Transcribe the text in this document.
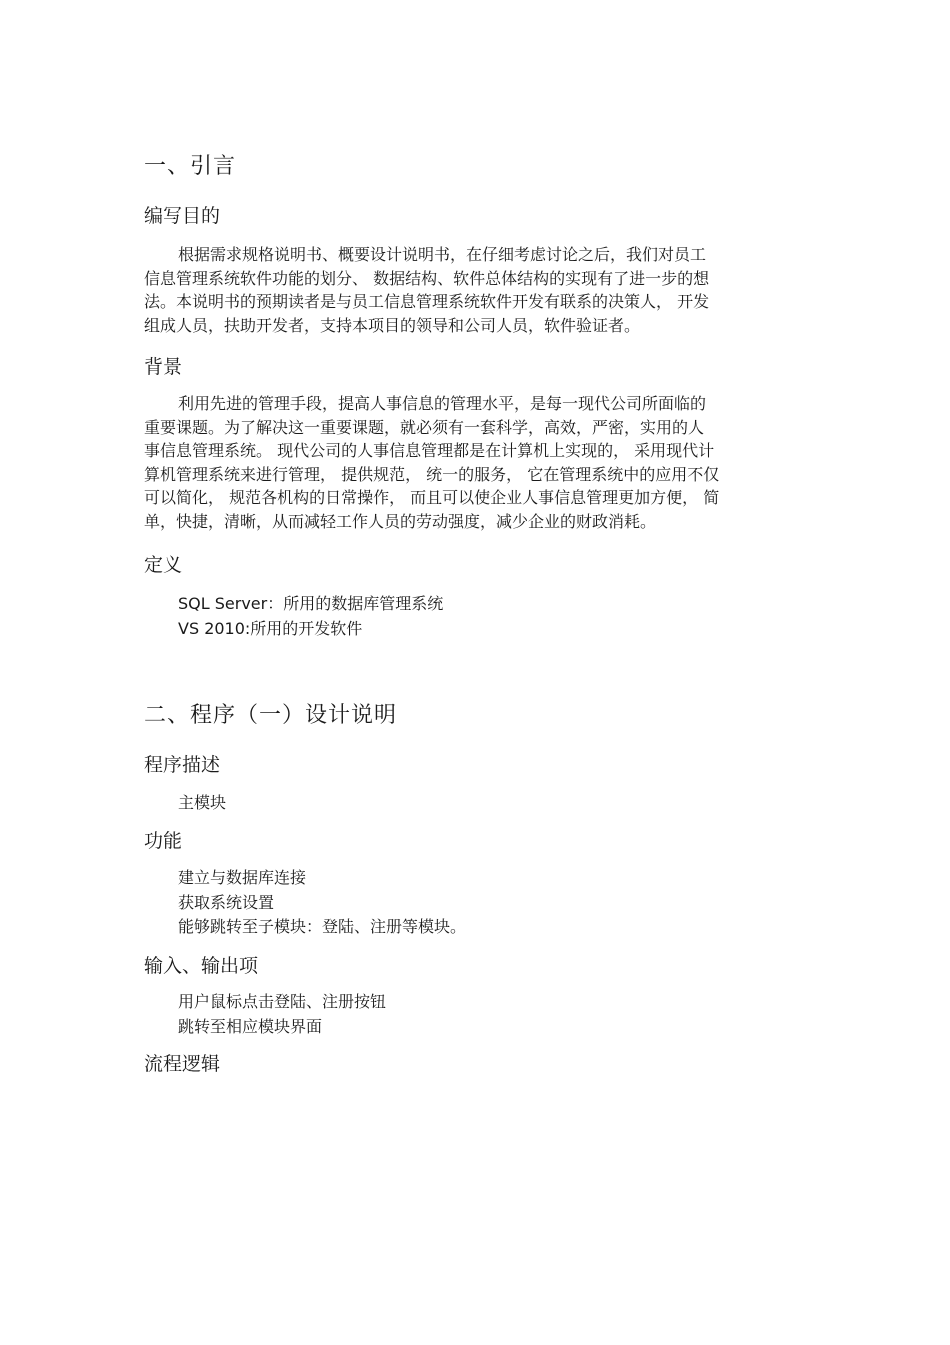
一、引言
编写目的
根据需求规格说明书、概要设计说明书，在仔细考虑讨论之后，我们对员工
信息管理系统软件功能的划分、 数据结构、软件总体结构的实现有了进一步的想
法。本说明书的预期读者是与员工信息管理系统软件开发有联系的决策人， 开发
组成人员，扶助开发者，支持本项目的领导和公司人员，软件验证者。
背景
利用先进的管理手段，提高人事信息的管理水平，是每一现代公司所面临的
重要课题。为了解决这一重要课题，就必须有一套科学，高效，严密，实用的人
事信息管理系统。 现代公司的人事信息管理都是在计算机上实现的， 采用现代计
算机管理系统来进行管理， 提供规范， 统一的服务， 它在管理系统中的应用不仅
可以简化， 规范各机构的日常操作， 而且可以使企业人事信息管理更加方便， 简
单，快捷，清晰，从而减轻工作人员的劳动强度，减少企业的财政消耗。
定义
SQL Server：所用的数据库管理系统
VS 2010:所用的开发软件
二、程序（一）设计说明
程序描述
主模块
功能
建立与数据库连接
获取系统设置
能够跳转至子模块：登陆、注册等模块。
输入、输出项
用户鼠标点击登陆、注册按钮
跳转至相应模块界面
流程逻辑
